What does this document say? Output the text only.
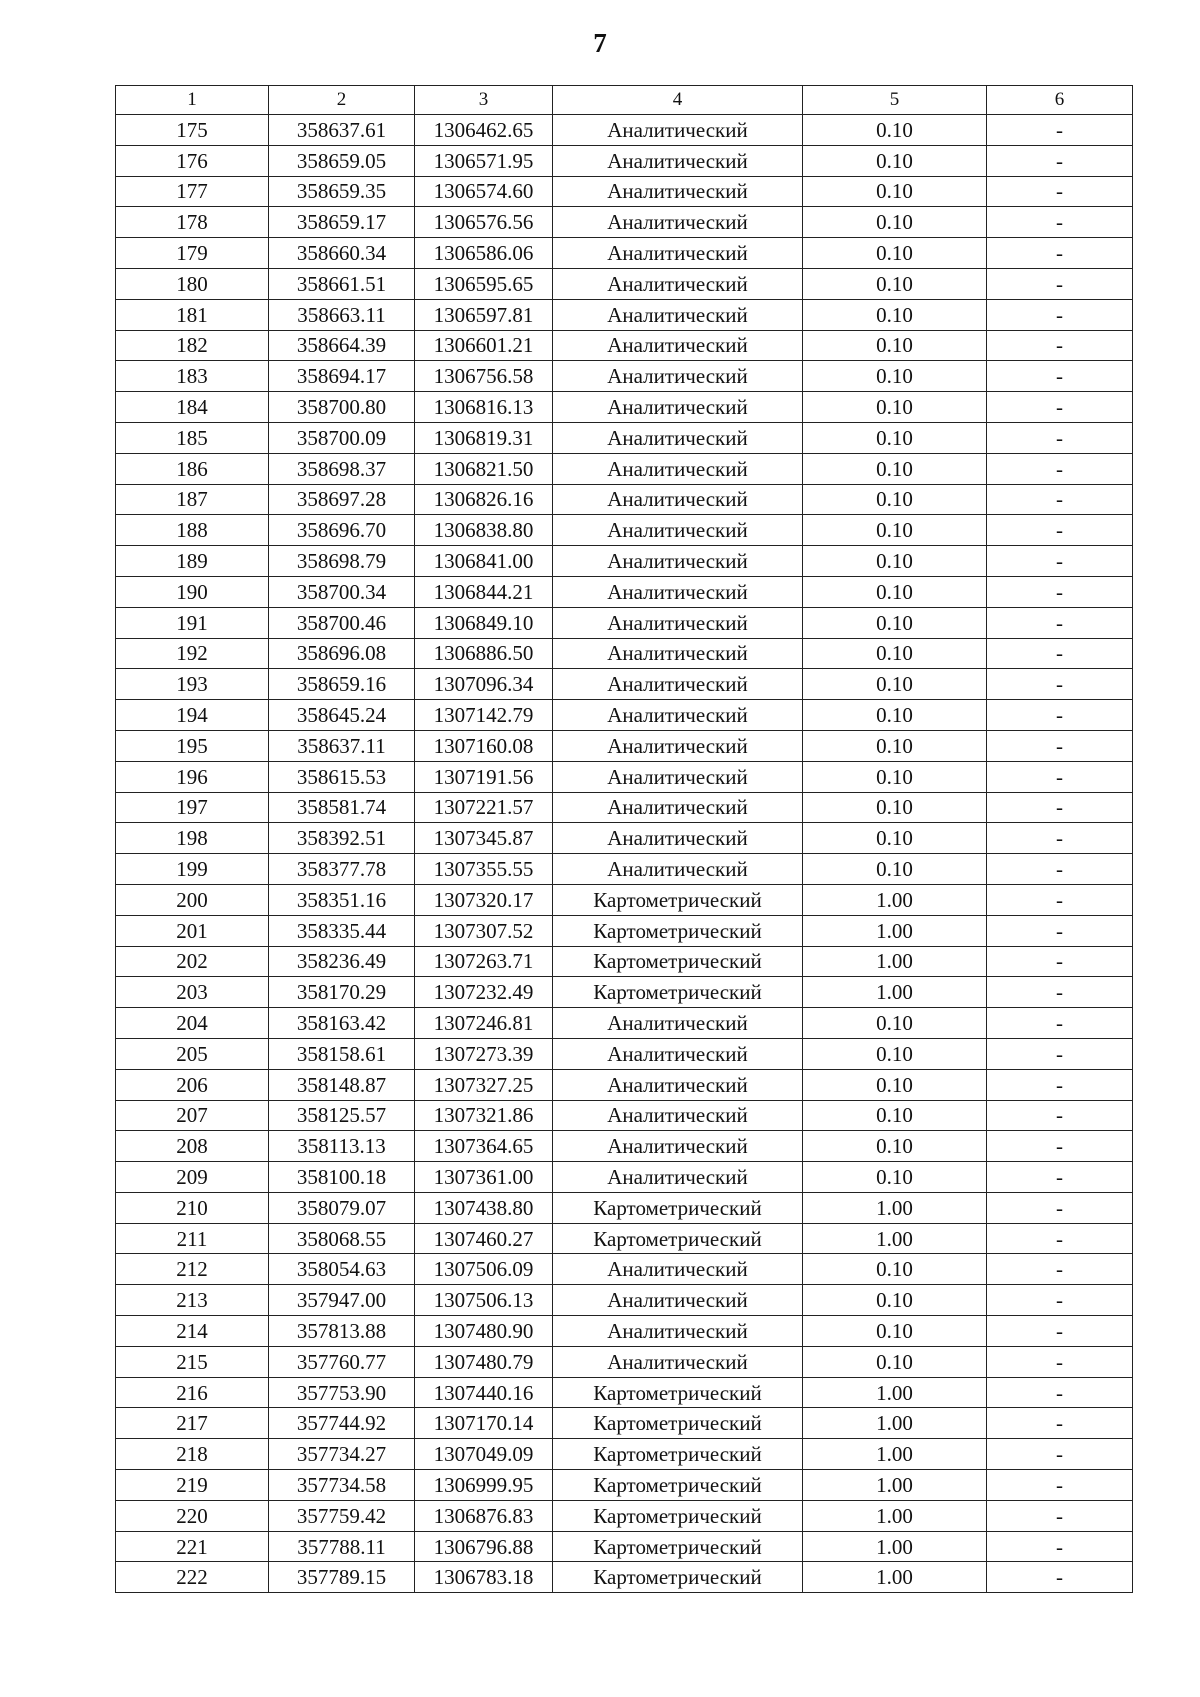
7
1	2	3	4	5	6
175	358637.61	1306462.65	Аналитический	0.10	-
176	358659.05	1306571.95	Аналитический	0.10	-
177	358659.35	1306574.60	Аналитический	0.10	-
178	358659.17	1306576.56	Аналитический	0.10	-
179	358660.34	1306586.06	Аналитический	0.10	-
180	358661.51	1306595.65	Аналитический	0.10	-
181	358663.11	1306597.81	Аналитический	0.10	-
182	358664.39	1306601.21	Аналитический	0.10	-
183	358694.17	1306756.58	Аналитический	0.10	-
184	358700.80	1306816.13	Аналитический	0.10	-
185	358700.09	1306819.31	Аналитический	0.10	-
186	358698.37	1306821.50	Аналитический	0.10	-
187	358697.28	1306826.16	Аналитический	0.10	-
188	358696.70	1306838.80	Аналитический	0.10	-
189	358698.79	1306841.00	Аналитический	0.10	-
190	358700.34	1306844.21	Аналитический	0.10	-
191	358700.46	1306849.10	Аналитический	0.10	-
192	358696.08	1306886.50	Аналитический	0.10	-
193	358659.16	1307096.34	Аналитический	0.10	-
194	358645.24	1307142.79	Аналитический	0.10	-
195	358637.11	1307160.08	Аналитический	0.10	-
196	358615.53	1307191.56	Аналитический	0.10	-
197	358581.74	1307221.57	Аналитический	0.10	-
198	358392.51	1307345.87	Аналитический	0.10	-
199	358377.78	1307355.55	Аналитический	0.10	-
200	358351.16	1307320.17	Картометрический	1.00	-
201	358335.44	1307307.52	Картометрический	1.00	-
202	358236.49	1307263.71	Картометрический	1.00	-
203	358170.29	1307232.49	Картометрический	1.00	-
204	358163.42	1307246.81	Аналитический	0.10	-
205	358158.61	1307273.39	Аналитический	0.10	-
206	358148.87	1307327.25	Аналитический	0.10	-
207	358125.57	1307321.86	Аналитический	0.10	-
208	358113.13	1307364.65	Аналитический	0.10	-
209	358100.18	1307361.00	Аналитический	0.10	-
210	358079.07	1307438.80	Картометрический	1.00	-
211	358068.55	1307460.27	Картометрический	1.00	-
212	358054.63	1307506.09	Аналитический	0.10	-
213	357947.00	1307506.13	Аналитический	0.10	-
214	357813.88	1307480.90	Аналитический	0.10	-
215	357760.77	1307480.79	Аналитический	0.10	-
216	357753.90	1307440.16	Картометрический	1.00	-
217	357744.92	1307170.14	Картометрический	1.00	-
218	357734.27	1307049.09	Картометрический	1.00	-
219	357734.58	1306999.95	Картометрический	1.00	-
220	357759.42	1306876.83	Картометрический	1.00	-
221	357788.11	1306796.88	Картометрический	1.00	-
222	357789.15	1306783.18	Картометрический	1.00	-
